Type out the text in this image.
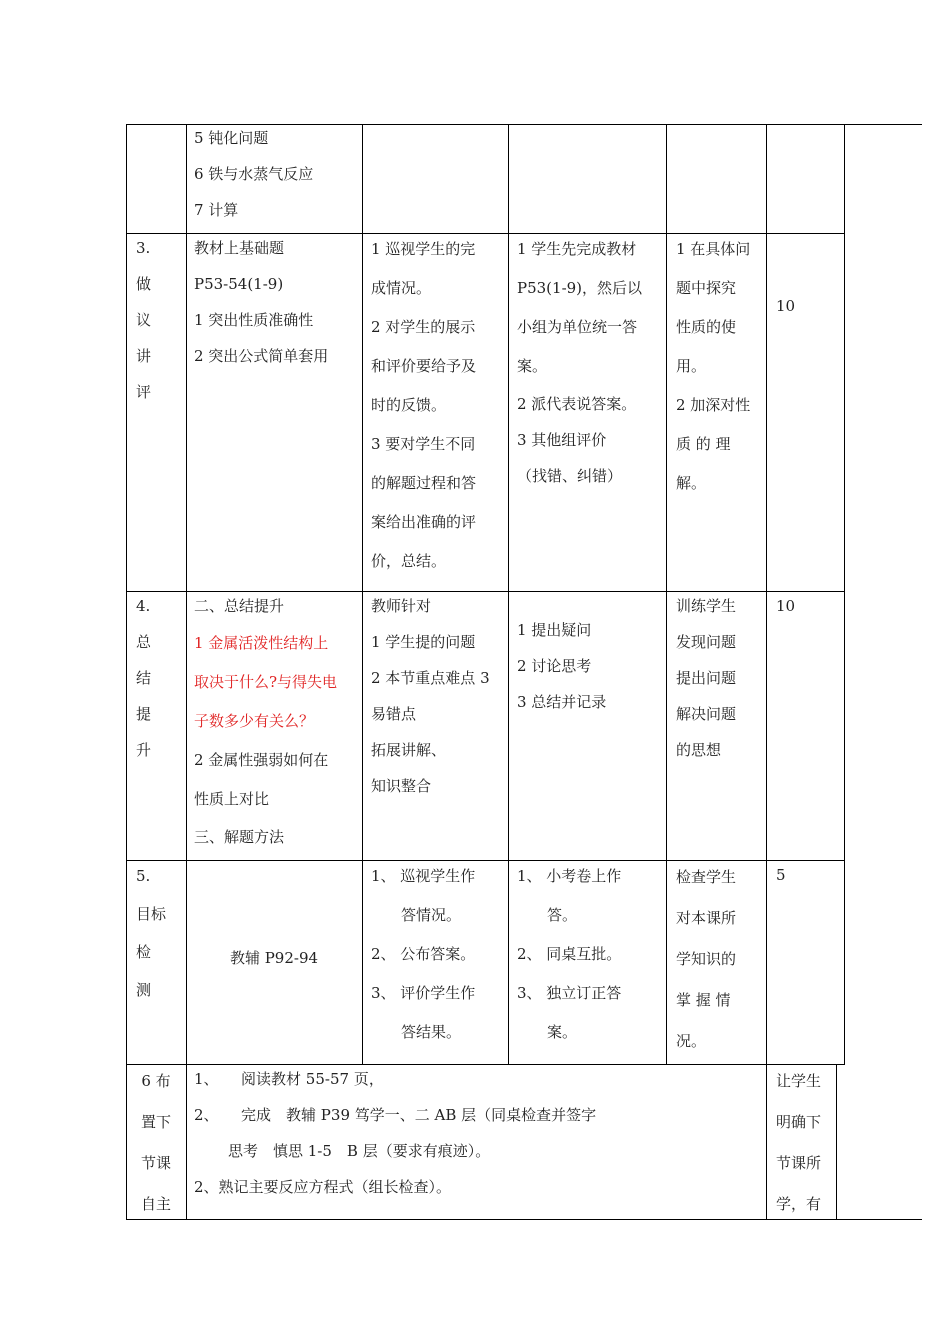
5 钝化问题
6 铁与水蒸气反应
7 计算
3.
做
议
讲
评
教材上基础题
P53-54(1-9)
1 突出性质准确性
2 突出公式简单套用
1 巡视学生的完
成情况。
2 对学生的展示
和评价要给予及
时的反馈。
3 要对学生不同
的解题过程和答
案给出准确的评
价，总结。
1 学生先完成教材
P53(1-9)，然后以
小组为单位统一答
案。
2 派代表说答案。
3 其他组评价
（找错、纠错）
1 在具体问
题中探究
性质的使
用。
2 加深对性
质 的 理
解。
10
4.
总
结
提
升
二、总结提升
1 金属活泼性结构上
取决于什么?与得失电
子数多少有关么？
2 金属性强弱如何在
性质上对比
三、解题方法
教师针对
1 学生提的问题
2 本节重点难点 3
易错点
拓展讲解、
知识整合
1 提出疑问
2 讨论思考
3 总结并记录
训练学生
发现问题
提出问题
解决问题
的思想
10
5.
目标
检
测
教辅 P92-94
1、 巡视学生作
答情况。
2、 公布答案。
3、 评价学生作
答结果。
1、 小考卷上作
答。
2、 同桌互批。
3、 独立订正答
案。
检查学生
对本课所
学知识的
掌 握 情
况。
5
6 布
置下
节课
自主
1、　　阅读教材 55-57 页，
2、　　完成　教辅 P39 笃学一、二 AB 层（同桌检查并签字
思考　慎思 1-5　B 层（要求有痕迹）。
2、熟记主要反应方程式（组长检查）。
让学生
明确下
节课所
学，有
